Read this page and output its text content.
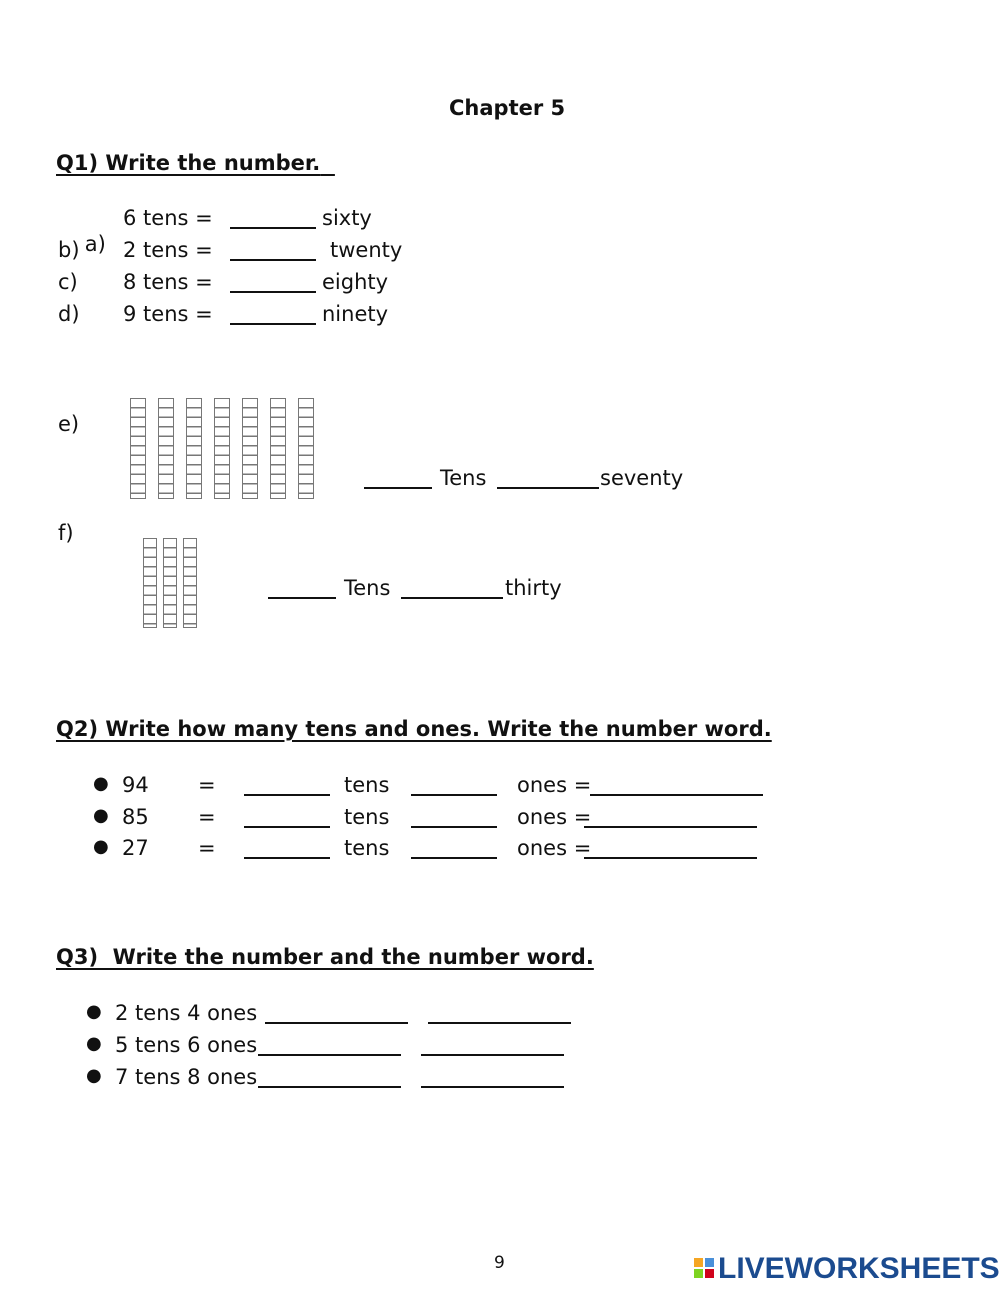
Chapter 5
Q1) Write the number.

a)

6 tens =	sixty
b) 2 tens =	twenty
c) 8 tens =	eighty
d) 9 tens =	ninety
e)
Tens	seventy
f)
Tens	thirty
Q2) Write how many tens and ones. Write the number word.
● 94 =	tens	ones =
● 85 =	tens	ones =
● 27 =	tens	ones =
Q3)  Write the number and the number word.
● 2 tens 4 ones
● 5 tens 6 ones
● 7 tens 8 ones
9	LIVEWORKSHEETS
